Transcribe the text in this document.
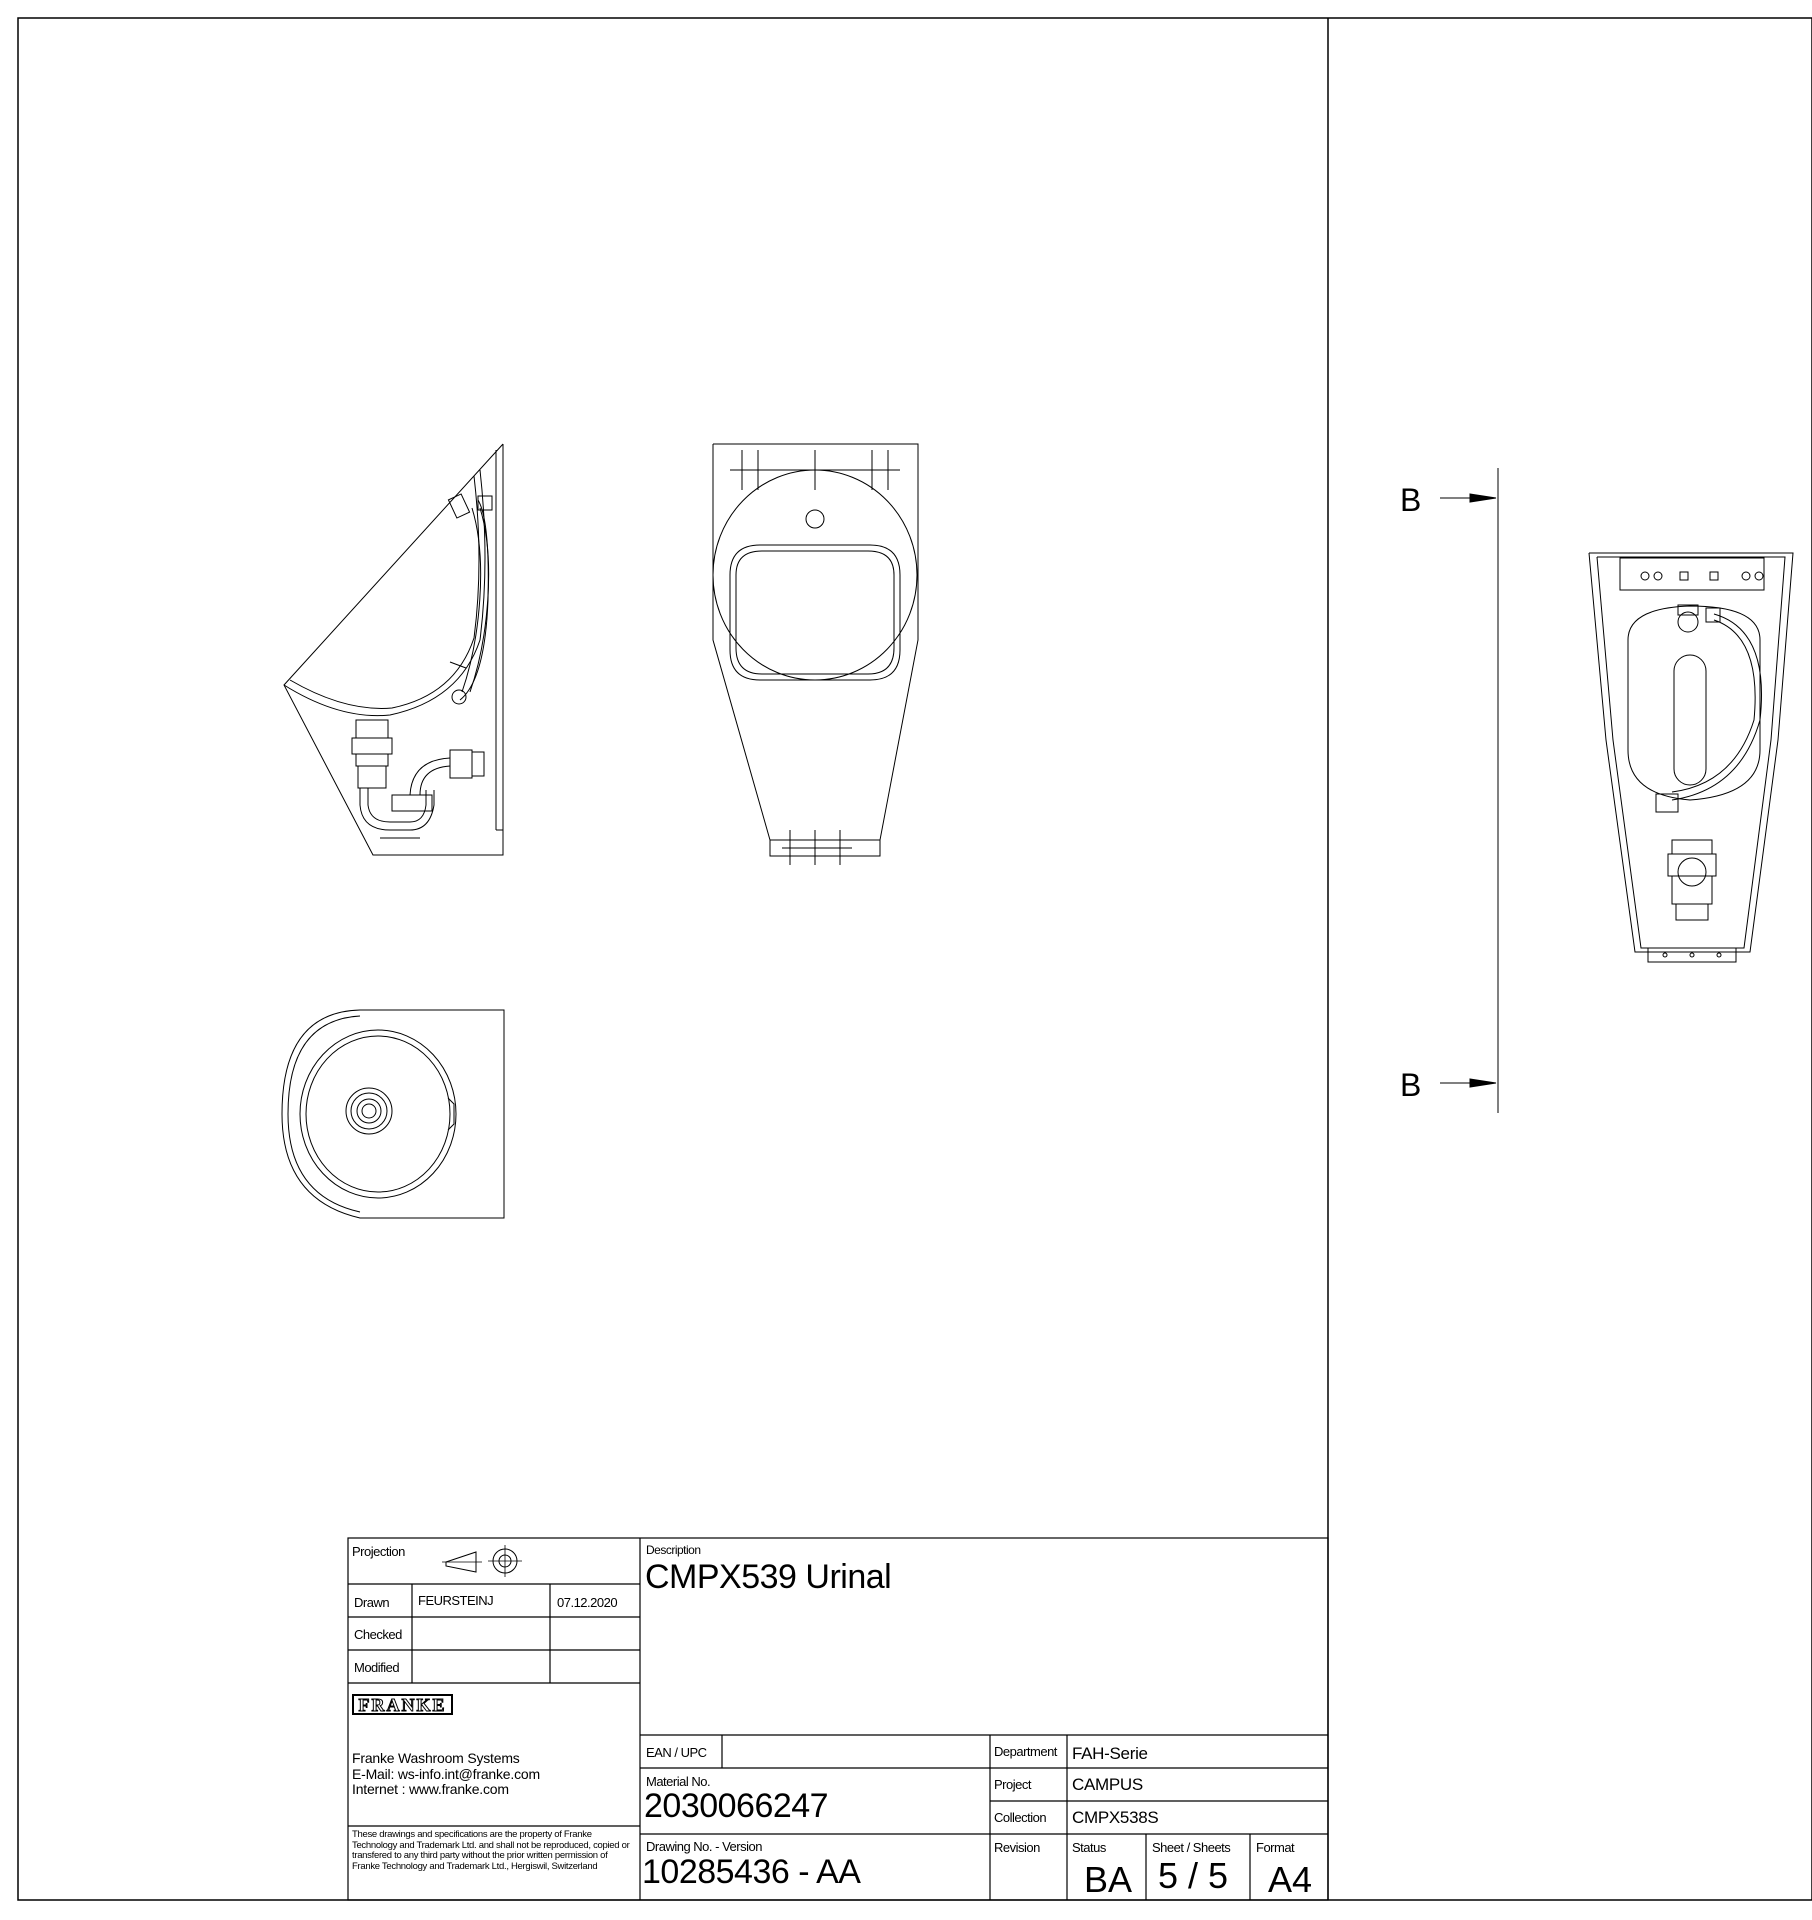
B
B
Projection
Drawn FEURSTEINJ	07.12.2020
Checked
Modified
FRANKE
Franke Washroom Systems
E-Mail: ws-info.int@franke.com
Internet : www.franke.com
These drawings and specifications are the property of Franke Technology and Trademark Ltd. and shall not be reproduced, copied or transfered to any third party without the prior written permission of Franke Technology and Trademark Ltd., Hergiswil, Switzerland
Description
CMPX539 Urinal
EAN / UPC
Material No.
2030066247
Drawing No. - Version
10285436 - AA
Department FAH-Serie
Project CAMPUS
Collection CMPX538S
Revision Status
BA
Sheet / Sheets
5 / 5
Format
A4
